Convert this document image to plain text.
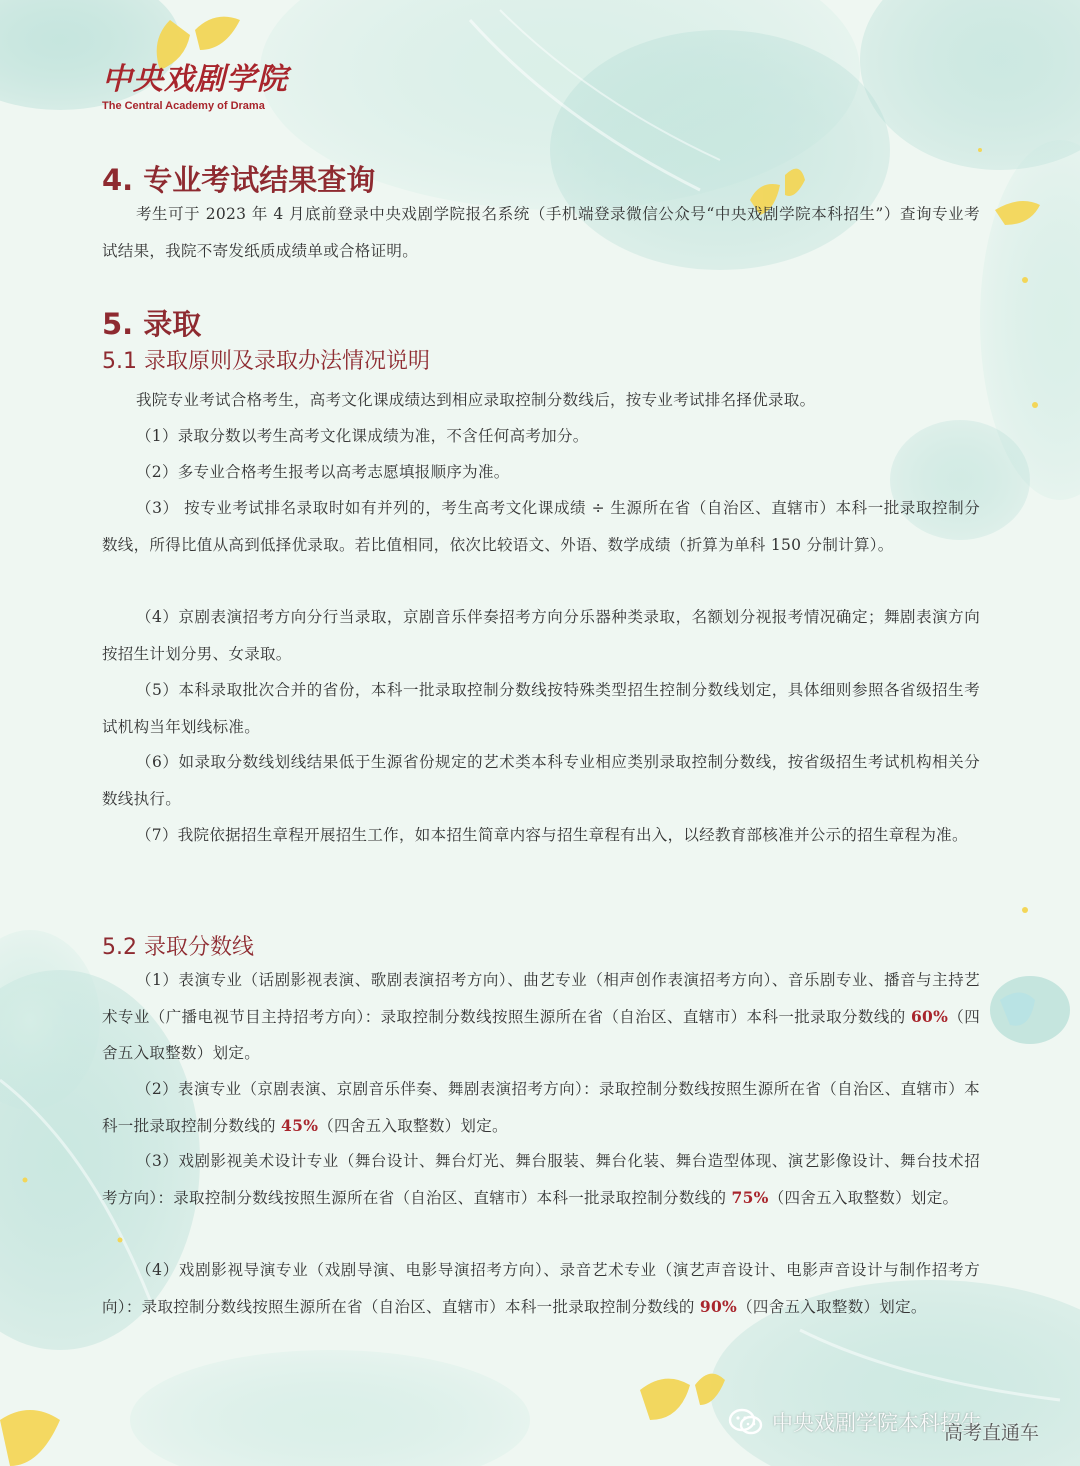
中央戏剧学院
The Central Academy of Drama
4. 专业考试结果查询
考生可于 2023 年 4 月底前登录中央戏剧学院报名系统（手机端登录微信公众号“中央戏剧学院本科招生”）查询专业考试结果，我院不寄发纸质成绩单或合格证明。
5. 录取
5.1 录取原则及录取办法情况说明
我院专业考试合格考生，高考文化课成绩达到相应录取控制分数线后，按专业考试排名择优录取。
（1）录取分数以考生高考文化课成绩为准，不含任何高考加分。
（2）多专业合格考生报考以高考志愿填报顺序为准。
（3） 按专业考试排名录取时如有并列的，考生高考文化课成绩 ÷ 生源所在省（自治区、直辖市）本科一批录取控制分数线，所得比值从高到低择优录取。若比值相同，依次比较语文、外语、数学成绩（折算为单科 150 分制计算）。
（4）京剧表演招考方向分行当录取，京剧音乐伴奏招考方向分乐器种类录取，名额划分视报考情况确定；舞剧表演方向按招生计划分男、女录取。
（5）本科录取批次合并的省份，本科一批录取控制分数线按特殊类型招生控制分数线划定，具体细则参照各省级招生考试机构当年划线标准。
（6）如录取分数线划线结果低于生源省份规定的艺术类本科专业相应类别录取控制分数线，按省级招生考试机构相关分数线执行。
（7）我院依据招生章程开展招生工作，如本招生简章内容与招生章程有出入，以经教育部核准并公示的招生章程为准。
5.2 录取分数线
（1）表演专业（话剧影视表演、歌剧表演招考方向）、曲艺专业（相声创作表演招考方向）、音乐剧专业、播音与主持艺术专业（广播电视节目主持招考方向）：录取控制分数线按照生源所在省（自治区、直辖市）本科一批录取分数线的 60%（四舍五入取整数）划定。
（2）表演专业（京剧表演、京剧音乐伴奏、舞剧表演招考方向）：录取控制分数线按照生源所在省（自治区、直辖市）本科一批录取控制分数线的 45%（四舍五入取整数）划定。
（3）戏剧影视美术设计专业（舞台设计、舞台灯光、舞台服装、舞台化装、舞台造型体现、演艺影像设计、舞台技术招考方向）：录取控制分数线按照生源所在省（自治区、直辖市）本科一批录取控制分数线的 75%（四舍五入取整数）划定。
（4）戏剧影视导演专业（戏剧导演、电影导演招考方向）、录音艺术专业（演艺声音设计、电影声音设计与制作招考方向）：录取控制分数线按照生源所在省（自治区、直辖市）本科一批录取控制分数线的 90%（四舍五入取整数）划定。
中央戏剧学院本科招生
高考直通车
